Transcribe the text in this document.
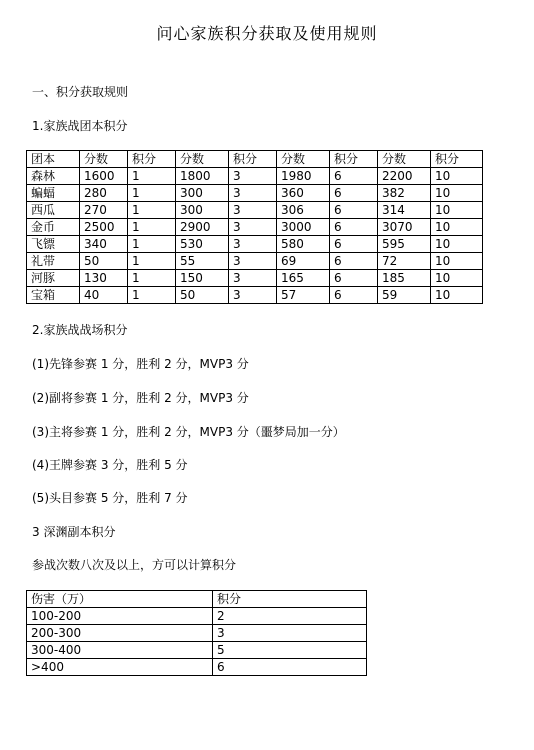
问心家族积分获取及使用规则
一、积分获取规则
1.家族战团本积分
团本	分数	积分	分数	积分	分数	积分	分数	积分
森林	1600	1	1800	3	1980	6	2200	10
蝙蝠	280	1	300	3	360	6	382	10
西瓜	270	1	300	3	306	6	314	10
金币	2500	1	2900	3	3000	6	3070	10
飞镖	340	1	530	3	580	6	595	10
礼带	50	1	55	3	69	6	72	10
河豚	130	1	150	3	165	6	185	10
宝箱	40	1	50	3	57	6	59	10
2.家族战战场积分
(1)先锋参赛 1 分，胜利 2 分，MVP3 分
(2)副将参赛 1 分，胜利 2 分，MVP3 分
(3)主将参赛 1 分，胜利 2 分，MVP3 分（噩梦局加一分）
(4)王牌参赛 3 分，胜利 5 分
(5)头目参赛 5 分，胜利 7 分
3 深渊副本积分
参战次数八次及以上，方可以计算积分
伤害（万）	积分
100-200	2
200-300	3
300-400	5
>400	6
